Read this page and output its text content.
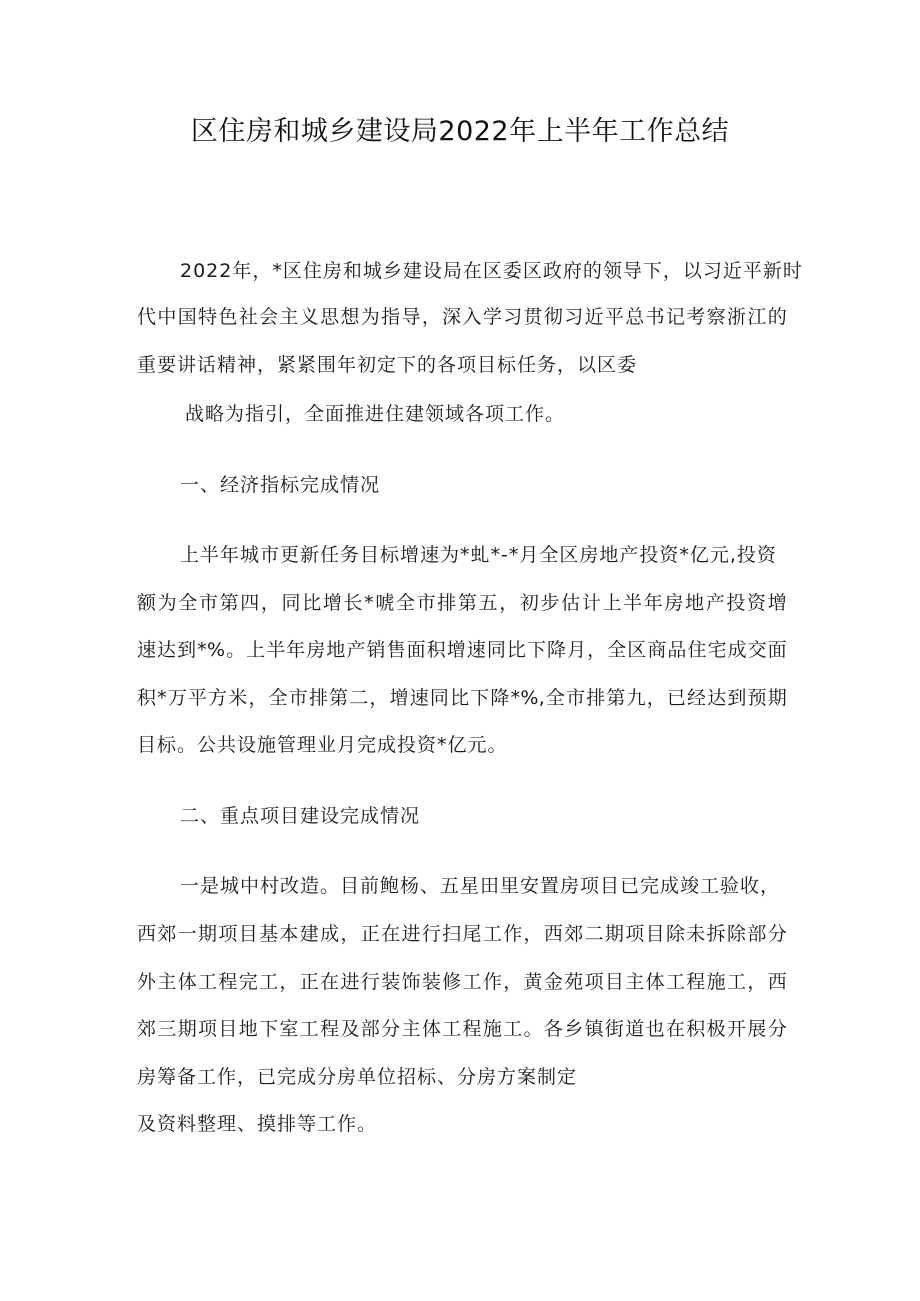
区住房和城乡建设局2022年上半年工作总结
2022年，*区住房和城乡建设局在区委区政府的领导下，以习近平新时
代中国特色社会主义思想为指导，深入学习贯彻习近平总书记考察浙江的
重要讲话精神，紧紧围年初定下的各项目标任务，以区委
战略为指引，全面推进住建领域各项工作。
一、经济指标完成情况
上半年城市更新任务目标增速为*虬*-*月全区房地产投资*亿元,投资
额为全市第四，同比增长*唬全市排第五，初步估计上半年房地产投资增
速达到*%。上半年房地产销售面积增速同比下降月，全区商品住宅成交面
积*万平方米，全市排第二，增速同比下降*%,全市排第九，已经达到预期
目标。公共设施管理业月完成投资*亿元。
二、重点项目建设完成情况
一是城中村改造。目前鲍杨、五星田里安置房项目已完成竣工验收，
西郊一期项目基本建成，正在进行扫尾工作，西郊二期项目除未拆除部分
外主体工程完工，正在进行装饰装修工作，黄金苑项目主体工程施工，西
郊三期项目地下室工程及部分主体工程施工。各乡镇街道也在积极开展分
房筹备工作，已完成分房单位招标、分房方案制定
及资料整理、摸排等工作。
